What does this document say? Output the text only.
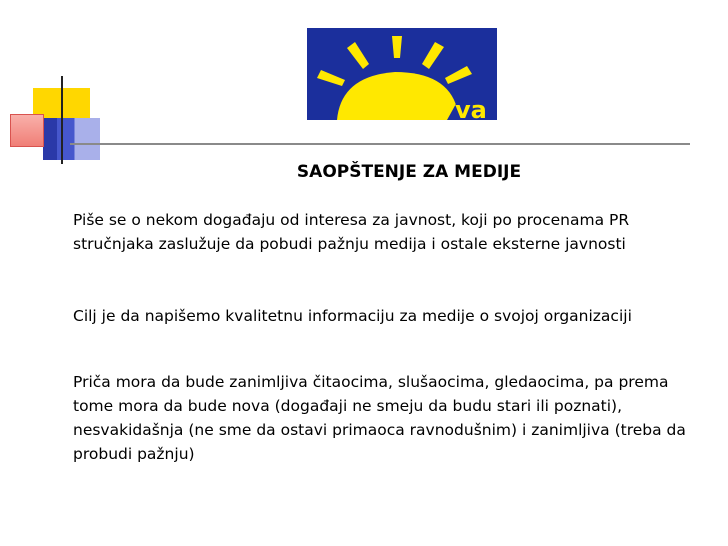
va
SAOPŠTENJE ZA MEDIJE
Piše se o nekom događaju od interesa za javnost, koji po procenama PR stručnjaka zaslužuje da pobudi pažnju medija i ostale eksterne javnosti
Cilj je da napišemo kvalitetnu informaciju za medije o svojoj organizaciji
Priča mora da bude zanimljiva čitaocima, slušaocima, gledaocima, pa prema tome mora da bude nova (događaji ne smeju da budu stari ili poznati), nesvakidašnja (ne sme da ostavi primaoca ravnodušnim) i zanimljiva (treba da probudi pažnju)
